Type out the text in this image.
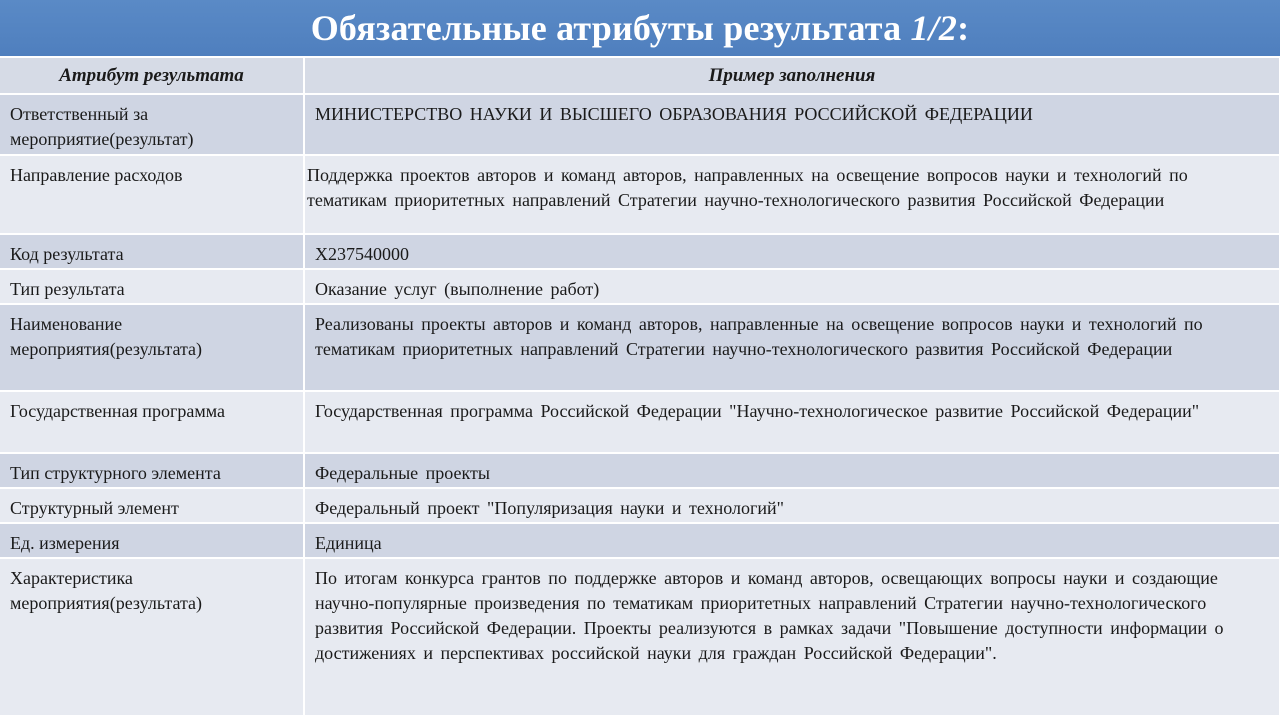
Обязательные атрибуты результата 1/2:
Атрибут результата	Пример заполнения
Ответственный за мероприятие(результат)	МИНИСТЕРСТВО НАУКИ И ВЫСШЕГО ОБРАЗОВАНИЯ РОССИЙСКОЙ ФЕДЕРАЦИИ
Направление расходов	Поддержка проектов авторов и команд авторов, направленных на освещение вопросов науки и технологий по тематикам приоритетных направлений Стратегии научно-технологического развития Российской Федерации
Код результата	Х237540000
Тип результата	Оказание услуг (выполнение работ)
Наименование мероприятия(результата)	Реализованы проекты авторов и команд авторов, направленные на освещение вопросов науки и технологий по тематикам приоритетных направлений Стратегии научно-технологического развития Российской Федерации
Государственная программа	Государственная программа Российской Федерации "Научно-технологическое развитие Российской Федерации"
Тип структурного элемента	Федеральные проекты
Структурный элемент	Федеральный проект "Популяризация науки и технологий"
Ед. измерения	Единица
Характеристика мероприятия(результата)	По итогам конкурса грантов по поддержке авторов и команд авторов, освещающих вопросы науки и создающие научно-популярные произведения по тематикам приоритетных направлений Стратегии научно-технологического развития Российской Федерации. Проекты реализуются в рамках задачи "Повышение доступности информации о достижениях и перспективах российской науки для граждан Российской Федерации".
